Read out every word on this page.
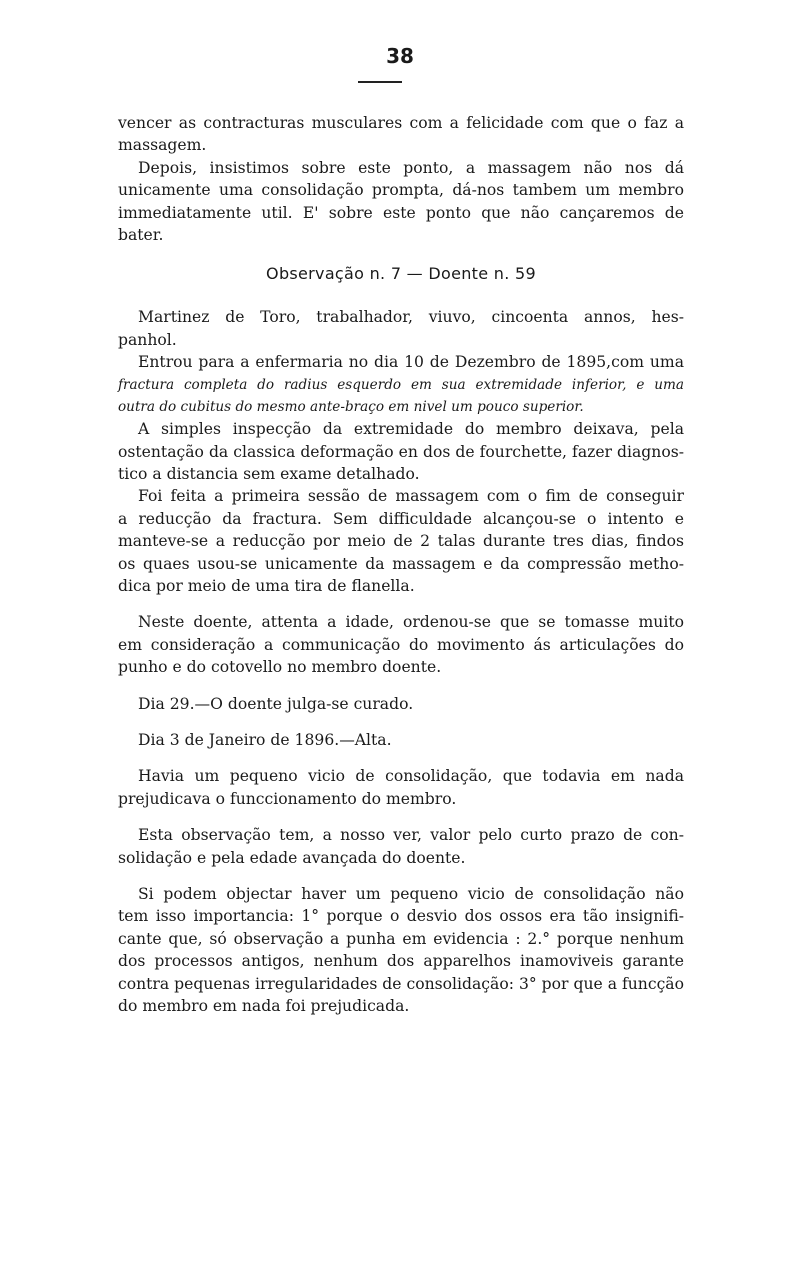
38
vencer as contracturas musculares com a felicidade com que o faz a
massagem.
Depois, insistimos sobre este ponto, a massagem não nos dá
unicamente uma consolidação prompta, dá-nos tambem um membro
immediatamente util. E' sobre este ponto que não cançaremos de
bater.
Observação n. 7 — Doente n. 59
Martinez de Toro, trabalhador, viuvo, cincoenta annos, hes-
panhol.
Entrou para a enfermaria no dia 10 de Dezembro de 1895,com uma
fractura completa do radius esquerdo em sua extremidade inferior, e uma
outra do cubitus do mesmo ante-braço em nivel um pouco superior.
A simples inspecção da extremidade do membro deixava, pela
ostentação da classica deformação en dos de fourchette, fazer diagnos-
tico a distancia sem exame detalhado.
Foi feita a primeira sessão de massagem com o fim de conseguir
a reducção da fractura. Sem difficuldade alcançou-se o intento e
manteve-se a reducção por meio de 2 talas durante tres dias, findos
os quaes usou-se unicamente da massagem e da compressão metho-
dica por meio de uma tira de flanella.
Neste doente, attenta a idade, ordenou-se que se tomasse muito
em consideração a communicação do movimento ás articulações do
punho e do cotovello no membro doente.
Dia 29.—O doente julga-se curado.
Dia 3 de Janeiro de 1896.—Alta.
Havia um pequeno vicio de consolidação, que todavia em nada
prejudicava o funccionamento do membro.
Esta observação tem, a nosso ver, valor pelo curto prazo de con-
solidação e pela edade avançada do doente.
Si podem objectar haver um pequeno vicio de consolidação não
tem isso importancia: 1° porque o desvio dos ossos era tão insignifi-
cante que, só observação a punha em evidencia : 2.° porque nenhum
dos processos antigos, nenhum dos apparelhos inamoviveis garante
contra pequenas irregularidades de consolidação: 3° por que a funcção
do membro em nada foi prejudicada.
